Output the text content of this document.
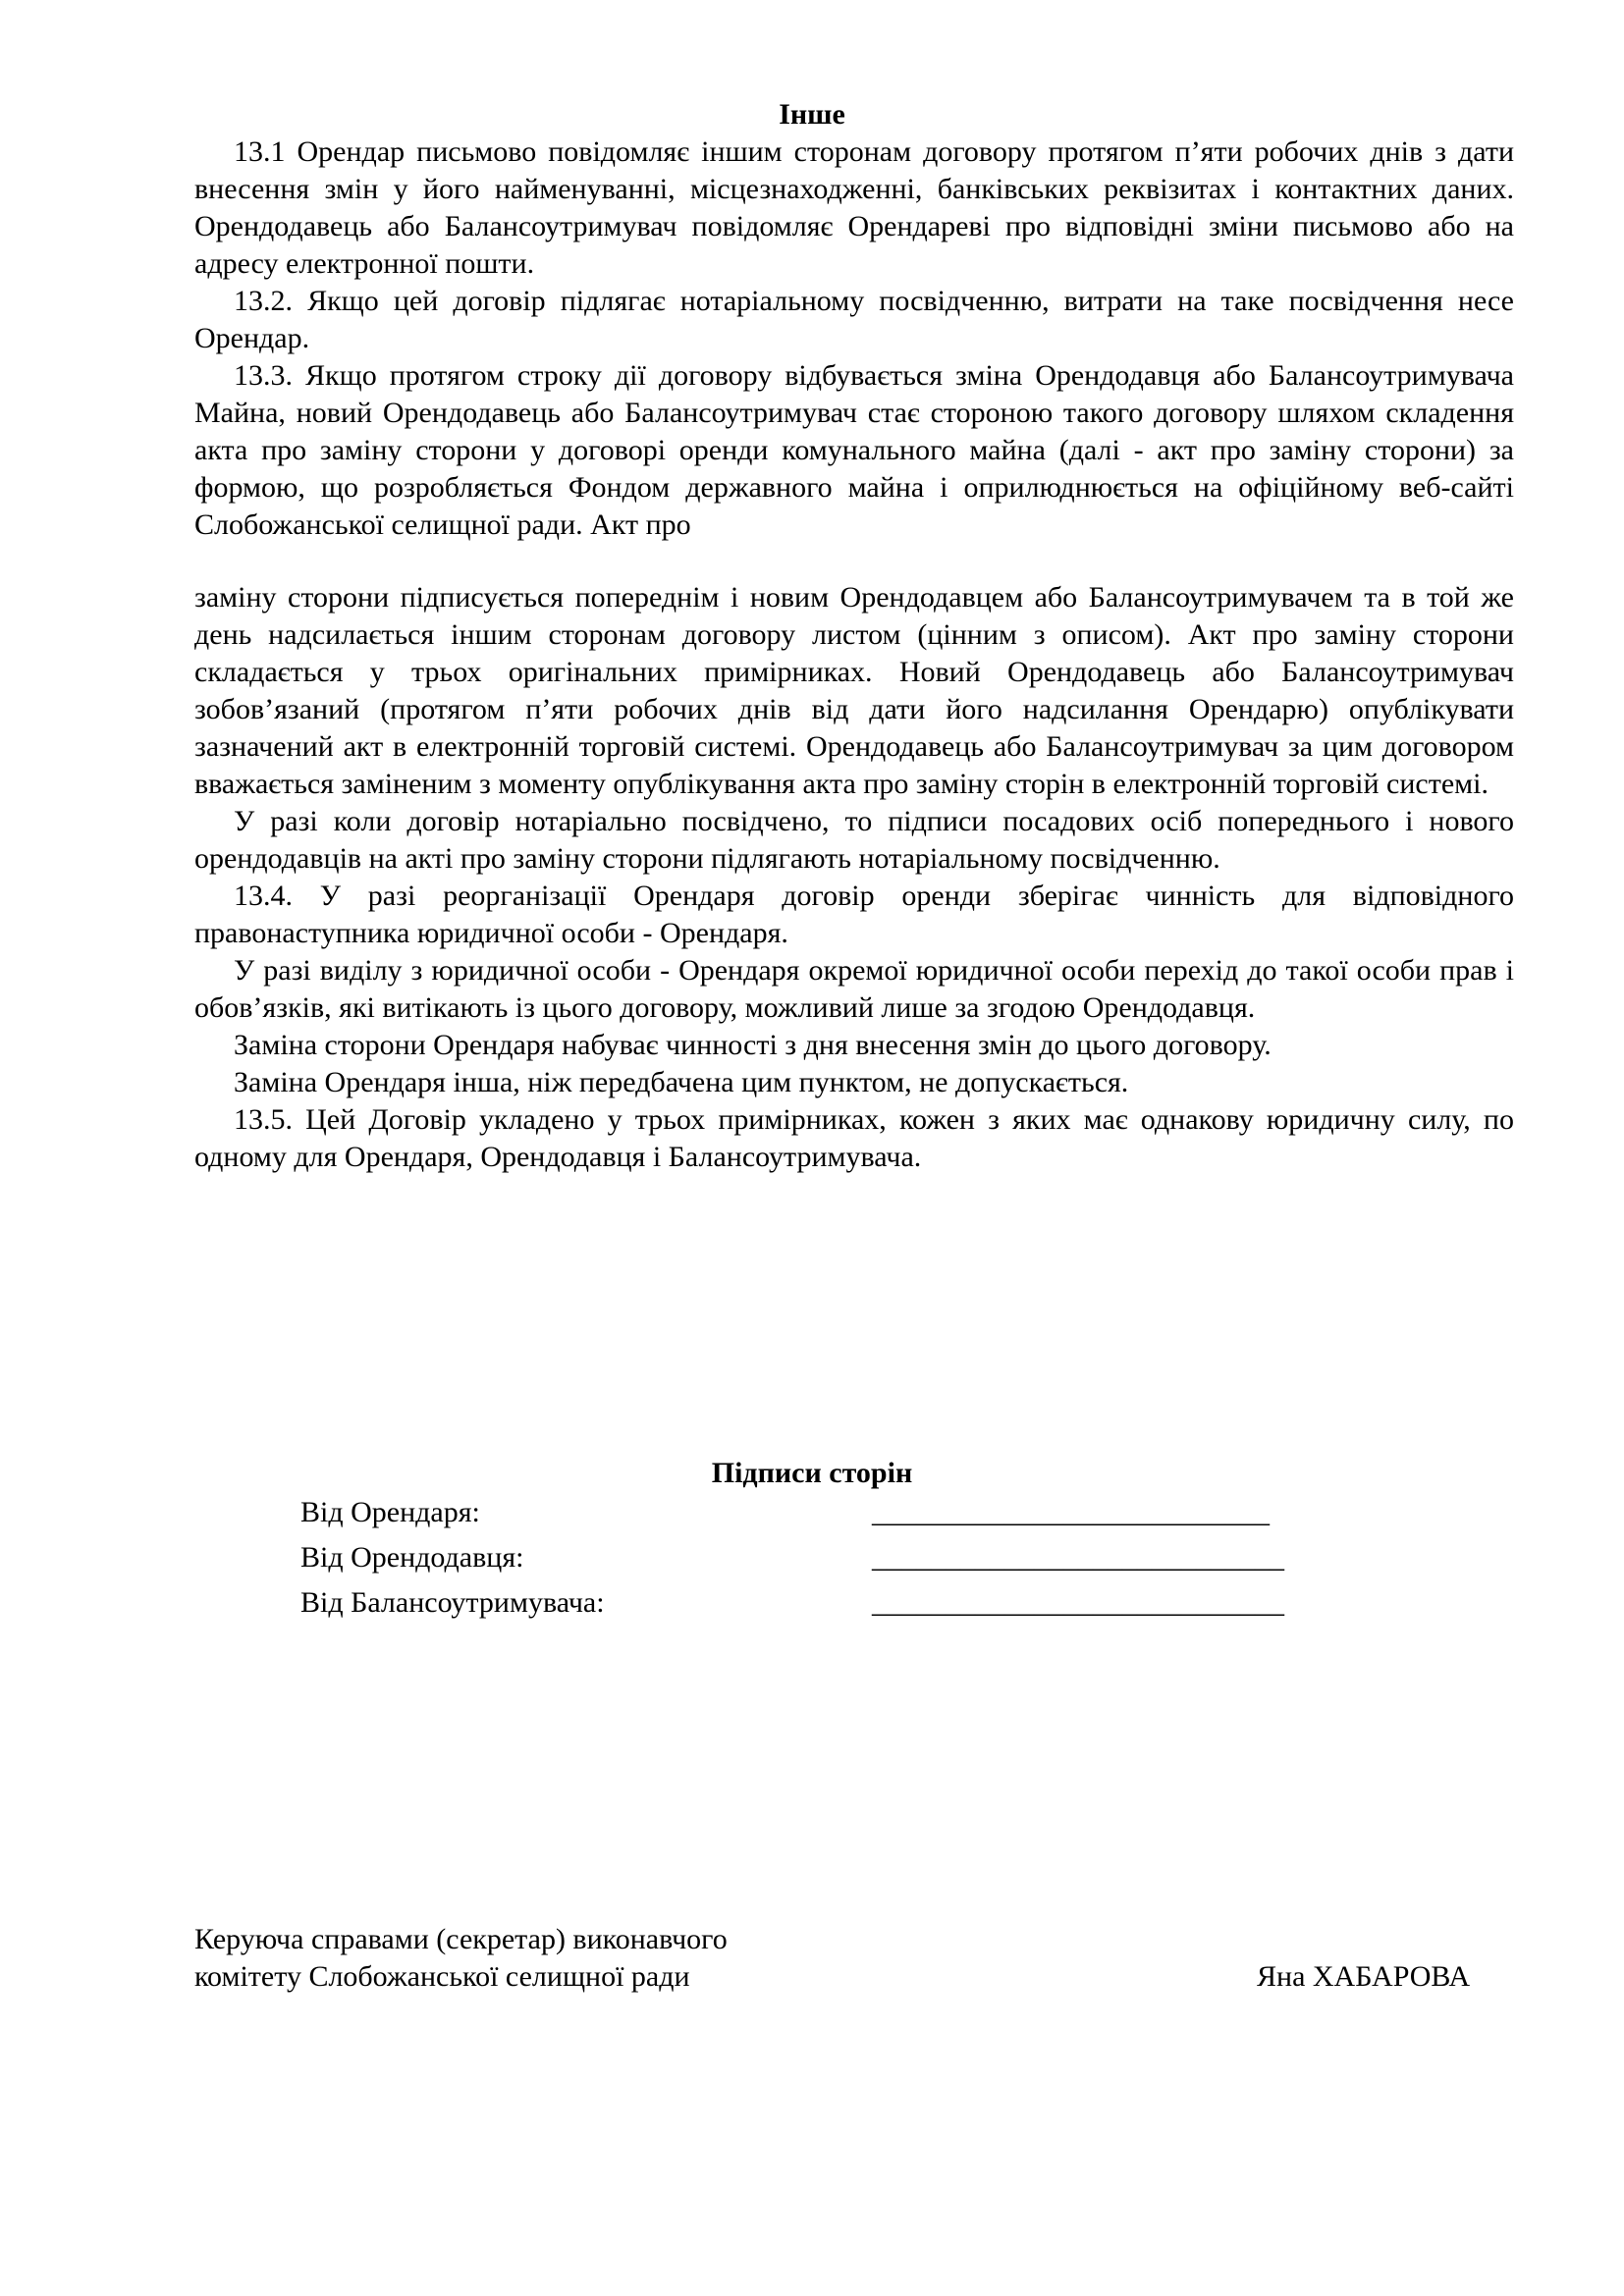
Інше

13.1 Орендар письмово повідомляє іншим сторонам договору протягом п’яти робочих днів з дати внесення змін у його найменуванні, місцезнаходженні, банківських реквізитах і контактних даних. Орендодавець або Балансоутримувач повідомляє Орендареві про відповідні зміни письмово або на адресу електронної пошти.

13.2. Якщо цей договір підлягає нотаріальному посвідченню, витрати на таке посвідчення несе Орендар.

13.3. Якщо протягом строку дії договору відбувається зміна Орендодавця або Балансоутримувача Майна, новий Орендодавець або Балансоутримувач стає стороною такого договору шляхом складення акта про заміну сторони у договорі оренди комунального майна (далі - акт про заміну сторони) за формою, що розробляється Фондом державного майна і оприлюднюється на офіційному веб-сайті Слобожанської селищної ради. Акт про

заміну сторони підписується попереднім і новим Орендодавцем або Балансоутримувачем та в той же день надсилається іншим сторонам договору листом (цінним з описом). Акт про заміну сторони складається у трьох оригінальних примірниках. Новий Орендодавець або Балансоутримувач зобов’язаний (протягом п’яти робочих днів від дати його надсилання Орендарю) опублікувати зазначений акт в електронній торговій системі. Орендодавець або Балансоутримувач за цим договором вважається заміненим з моменту опублікування акта про заміну сторін в електронній торговій системі.

У разі коли договір нотаріально посвідчено, то підписи посадових осіб попереднього і нового орендодавців на акті про заміну сторони підлягають нотаріальному посвідченню.

13.4. У разі реорганізації Орендаря договір оренди зберігає чинність для відповідного правонаступника юридичної особи - Орендаря.

У разі виділу з юридичної особи - Орендаря окремої юридичної особи перехід до такої особи прав і обов’язків, які витікають із цього договору, можливий лише за згодою Орендодавця.

Заміна сторони Орендаря набуває чинності з дня внесення змін до цього договору.

Заміна Орендаря інша, ніж передбачена цим пунктом, не допускається.

13.5. Цей Договір укладено у трьох примірниках, кожен з яких має однакову юридичну силу, по одному для Орендаря, Орендодавця і Балансоутримувача.

Підписи сторін
Від Орендаря:	___________________________
Від Орендодавця:	____________________________
Від Балансоутримувача:	____________________________
Керуюча справами (секретар) виконавчого
комітету Слобожанської селищної ради	Яна ХАБАРОВА
